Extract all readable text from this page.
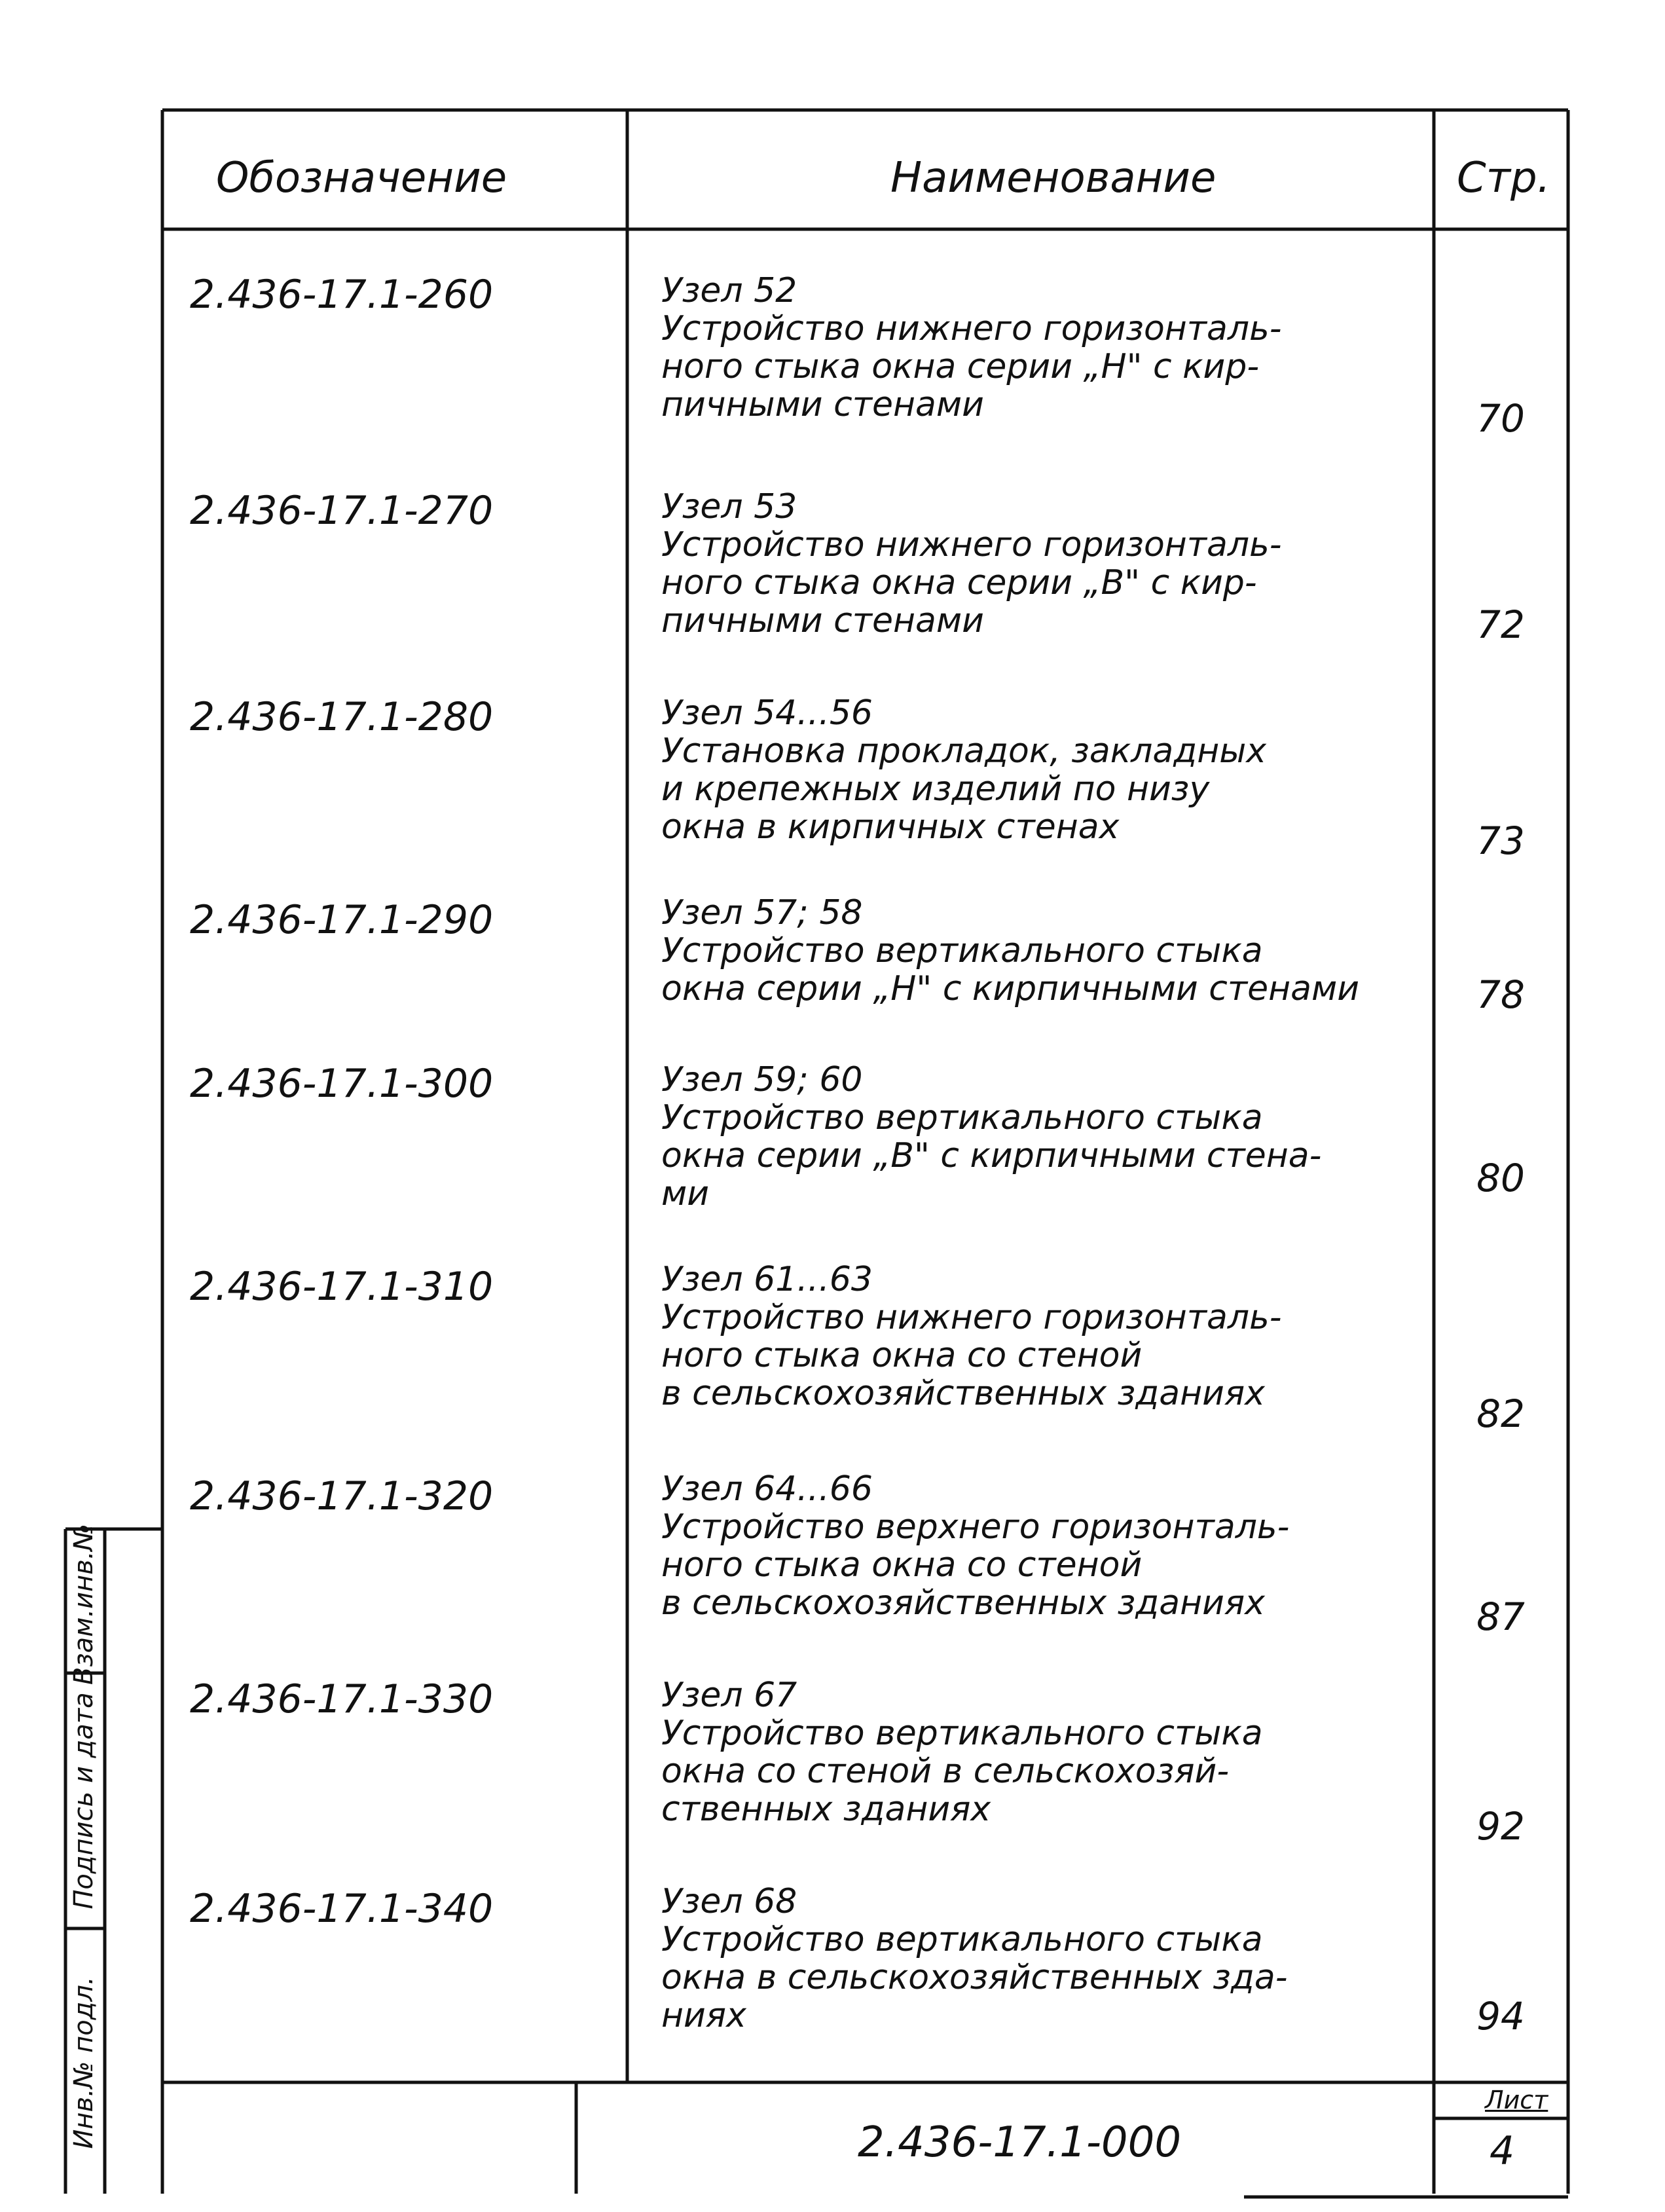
Обозначение	Наименование	Стр.
2.436-17.1-260	Узел 52
Устройство нижнего горизонталь-
ного стыка окна серии „Н" с кир-
пичными стенами	70
2.436-17.1-270	Узел 53
Устройство нижнего горизонталь-
ного стыка окна серии „В" с кир-
пичными стенами	72
2.436-17.1-280	Узел 54...56
Установка прокладок, закладных
и крепежных изделий по низу
окна в кирпичных стенах	73
2.436-17.1-290	Узел 57; 58
Устройство вертикального стыка
окна серии „Н" с кирпичными стенами	78
2.436-17.1-300	Узел 59; 60
Устройство вертикального стыка
окна серии „В" с кирпичными стена-
ми	80
2.436-17.1-310	Узел 61...63
Устройство нижнего горизонталь-
ного стыка окна со стеной
в сельскохозяйственных зданиях	82
2.436-17.1-320	Узел 64...66
Устройство верхнего горизонталь-
ного стыка окна со стеной
в сельскохозяйственных зданиях	87
2.436-17.1-330	Узел 67
Устройство вертикального стыка
окна со стеной в сельскохозяй-
ственных зданиях	92
2.436-17.1-340	Узел 68
Устройство вертикального стыка
окна в сельскохозяйственных зда-
ниях	94
2.436-17.1-000
Лист
4
Взам.инв.№
Подпись и дата
Инв.№ подл.
